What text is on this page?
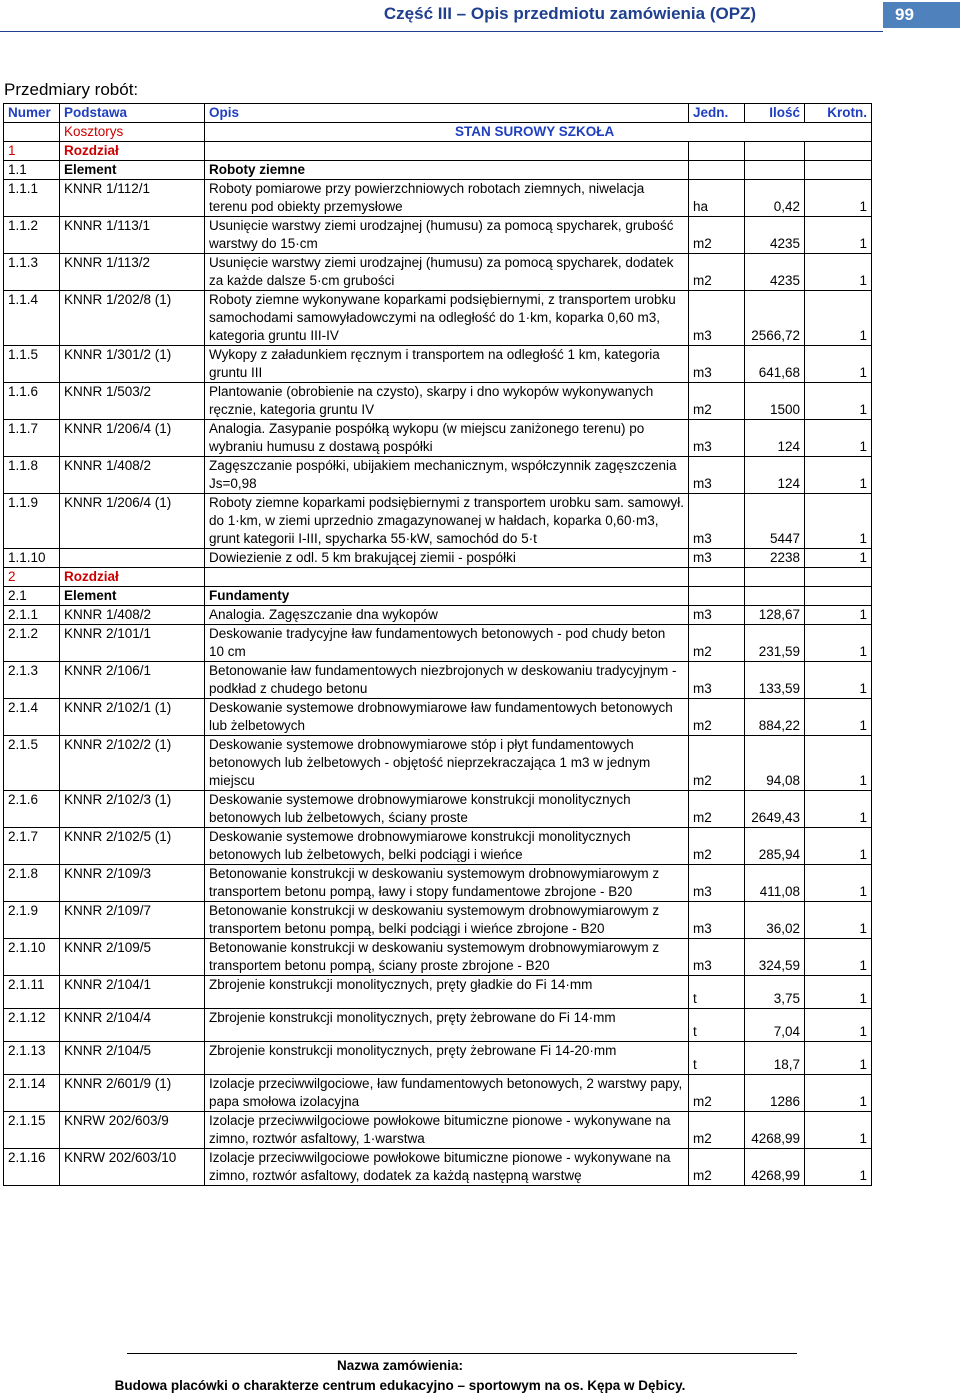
Część III – Opis przedmiotu zamówienia (OPZ)	99
Przedmiary robót:
Numer	Podstawa	Opis	Jedn.	Ilość	Krotn.
	Kosztorys	STAN SUROWY SZKOŁA			
1	Rozdział				
1.1	Element	Roboty ziemne			
1.1.1	KNNR 1/112/1	Roboty pomiarowe przy powierzchniowych robotach ziemnych, niwelacja terenu pod obiekty przemysłowe	ha	0,42	1
1.1.2	KNNR 1/113/1	Usunięcie warstwy ziemi urodzajnej (humusu) za pomocą spycharek, grubość warstwy do 15·cm	m2	4235	1
1.1.3	KNNR 1/113/2	Usunięcie warstwy ziemi urodzajnej (humusu) za pomocą spycharek, dodatek za każde dalsze 5·cm grubości	m2	4235	1
1.1.4	KNNR 1/202/8 (1)	Roboty ziemne wykonywane koparkami podsiębiernymi, z transportem urobku samochodami samowyładowczymi na odległość do 1·km, koparka 0,60 m3, kategoria gruntu III-IV	m3	2566,72	1
1.1.5	KNNR 1/301/2 (1)	Wykopy z załadunkiem ręcznym i transportem na odległość 1 km, kategoria gruntu III	m3	641,68	1
1.1.6	KNNR 1/503/2	Plantowanie (obrobienie na czysto), skarpy i dno wykopów wykonywanych ręcznie, kategoria gruntu IV	m2	1500	1
1.1.7	KNNR 1/206/4 (1)	Analogia. Zasypanie pospółką wykopu (w miejscu zaniżonego terenu) po wybraniu humusu z dostawą pospółki	m3	124	1
1.1.8	KNNR 1/408/2	Zagęszczanie pospółki, ubijakiem mechanicznym, współczynnik zagęszczenia Js=0,98	m3	124	1
1.1.9	KNNR 1/206/4 (1)	Roboty ziemne koparkami podsiębiernymi z transportem urobku sam. samowył. do 1·km, w ziemi uprzednio zmagazynowanej w hałdach, koparka 0,60·m3, grunt kategorii I-III, spycharka 55·kW, samochód do 5·t	m3	5447	1
1.1.10		Dowiezienie z odl. 5 km brakującej ziemii - pospółki	m3	2238	1
2	Rozdział				
2.1	Element	Fundamenty			
2.1.1	KNNR 1/408/2	Analogia. Zagęszczanie dna wykopów	m3	128,67	1
2.1.2	KNNR 2/101/1	Deskowanie tradycyjne ław fundamentowych betonowych - pod chudy beton 10 cm	m2	231,59	1
2.1.3	KNNR 2/106/1	Betonowanie ław fundamentowych niezbrojonych w deskowaniu tradycyjnym - podkład z chudego betonu	m3	133,59	1
2.1.4	KNNR 2/102/1 (1)	Deskowanie systemowe drobnowymiarowe ław fundamentowych betonowych lub żelbetowych	m2	884,22	1
2.1.5	KNNR 2/102/2 (1)	Deskowanie systemowe drobnowymiarowe stóp i płyt fundamentowych betonowych lub żelbetowych - objętość nieprzekraczająca 1 m3 w jednym miejscu	m2	94,08	1
2.1.6	KNNR 2/102/3 (1)	Deskowanie systemowe drobnowymiarowe konstrukcji monolitycznych betonowych lub żelbetowych, ściany proste	m2	2649,43	1
2.1.7	KNNR 2/102/5 (1)	Deskowanie systemowe drobnowymiarowe konstrukcji monolitycznych betonowych lub żelbetowych, belki podciągi i wieńce	m2	285,94	1
2.1.8	KNNR 2/109/3	Betonowanie konstrukcji w deskowaniu systemowym drobnowymiarowym z transportem betonu pompą, ławy i stopy fundamentowe zbrojone - B20	m3	411,08	1
2.1.9	KNNR 2/109/7	Betonowanie konstrukcji w deskowaniu systemowym drobnowymiarowym z transportem betonu pompą, belki podciągi i wieńce zbrojone - B20	m3	36,02	1
2.1.10	KNNR 2/109/5	Betonowanie konstrukcji w deskowaniu systemowym drobnowymiarowym z transportem betonu pompą, ściany proste zbrojone - B20	m3	324,59	1
2.1.11	KNNR 2/104/1	Zbrojenie konstrukcji monolitycznych, pręty gładkie do Fi 14·mm	t	3,75	1
2.1.12	KNNR 2/104/4	Zbrojenie konstrukcji monolitycznych, pręty żebrowane do Fi 14·mm	t	7,04	1
2.1.13	KNNR 2/104/5	Zbrojenie konstrukcji monolitycznych, pręty żebrowane Fi 14-20·mm	t	18,7	1
2.1.14	KNNR 2/601/9 (1)	Izolacje przeciwwilgociowe, ław fundamentowych betonowych, 2 warstwy papy, papa smołowa izolacyjna	m2	1286	1
2.1.15	KNRW 202/603/9	Izolacje przeciwwilgociowe powłokowe bitumiczne pionowe - wykonywane na zimno, roztwór asfaltowy, 1·warstwa	m2	4268,99	1
2.1.16	KNRW 202/603/10	Izolacje przeciwwilgociowe powłokowe bitumiczne pionowe - wykonywane na zimno, roztwór asfaltowy, dodatek za każdą następną warstwę	m2	4268,99	1
Nazwa zamówienia:
Budowa placówki o charakterze centrum edukacyjno – sportowym na os. Kępa w Dębicy.
